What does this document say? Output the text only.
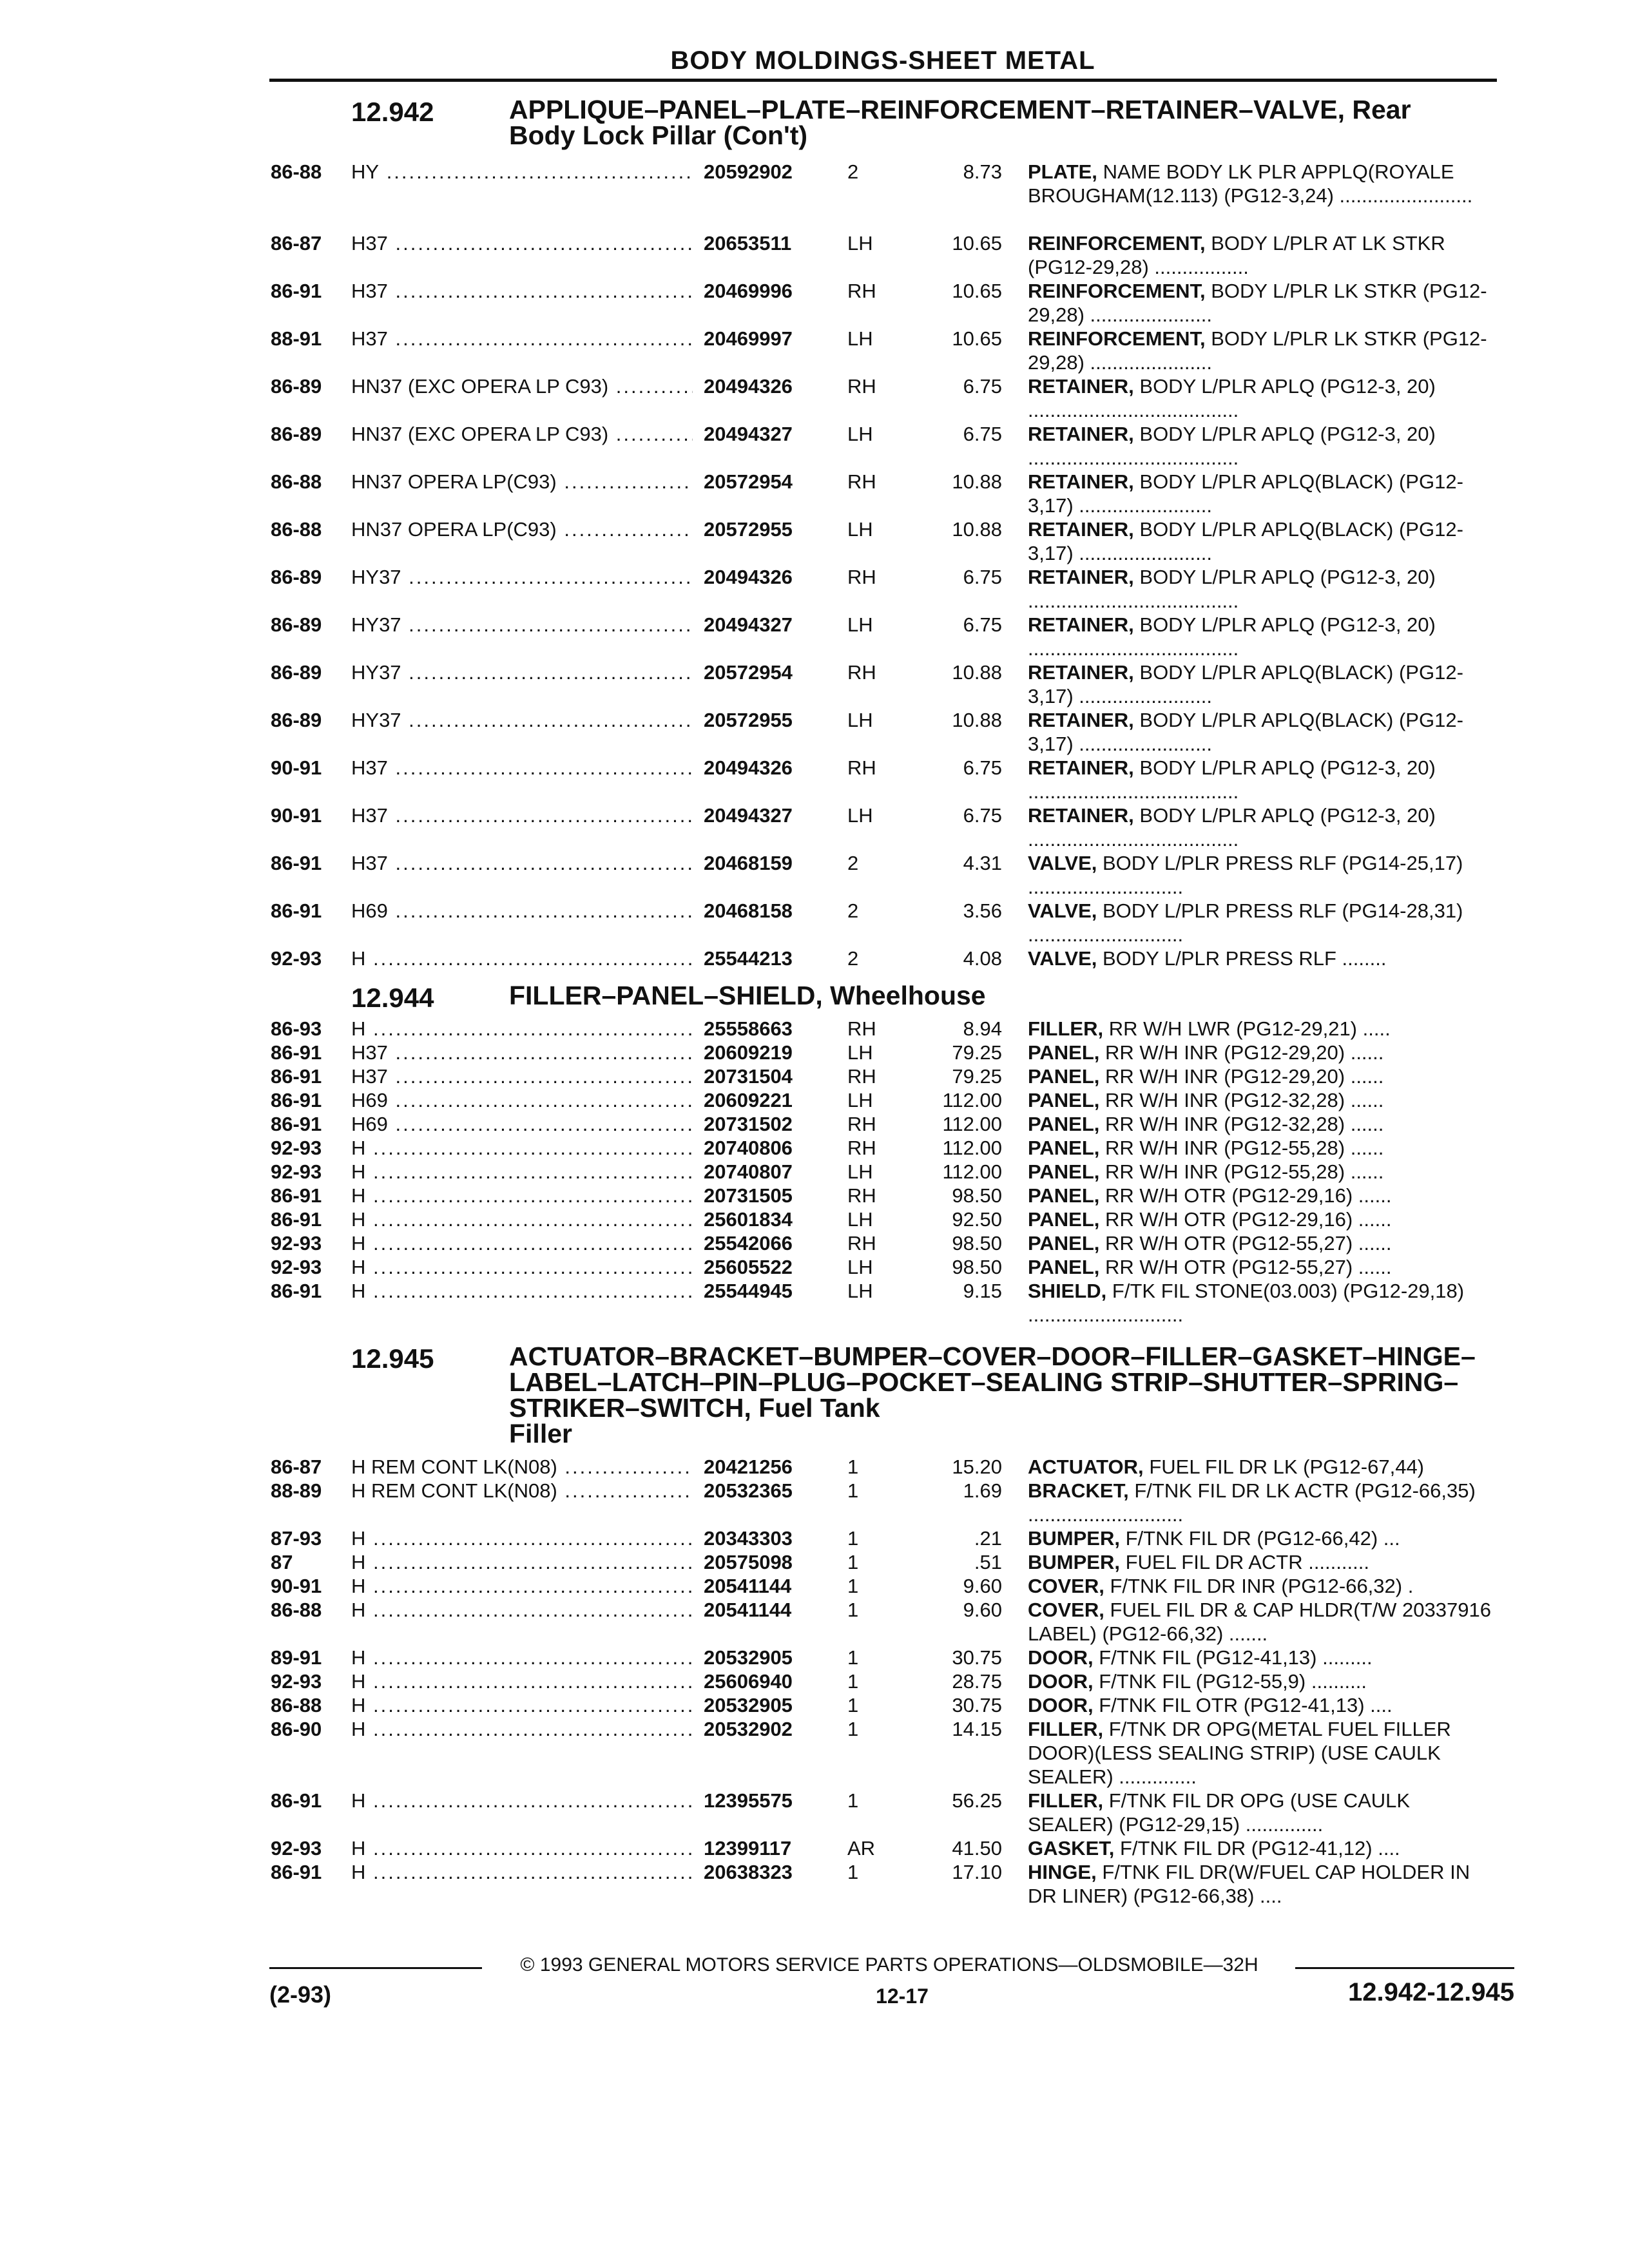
BODY MOLDINGS-SHEET METAL
12.942	APPLIQUE–PANEL–PLATE–REINFORCEMENT–RETAINER–VALVE, Rear
Body Lock Pillar (Con't)
86-88	HY .....	20592902	2	8.73 PLATE, NAME BODY LK PLR APPLQ(ROYALE BROUGHAM(12.113) (PG12-3,24) ........................
86-87	H37 .....	20653511	LH	10.65 REINFORCEMENT, BODY L/PLR AT LK STKR (PG12-29,28) .................
86-91	H37 .....	20469996	RH	10.65 REINFORCEMENT, BODY L/PLR LK STKR (PG12-29,28) ......................
88-91	H37 .....	20469997	LH	10.65 REINFORCEMENT, BODY L/PLR LK STKR (PG12-29,28) ......................
86-89	HN37 (EXC OPERA LP C93) .....	20494326	RH	6.75 RETAINER, BODY L/PLR APLQ (PG12-3, 20) ......................................
86-89	HN37 (EXC OPERA LP C93) .....	20494327	LH	6.75 RETAINER, BODY L/PLR APLQ (PG12-3, 20) ......................................
86-88	HN37 OPERA LP(C93) .....	20572954	RH	10.88 RETAINER, BODY L/PLR APLQ(BLACK) (PG12-3,17) ........................
86-88	HN37 OPERA LP(C93) .....	20572955	LH	10.88 RETAINER, BODY L/PLR APLQ(BLACK) (PG12-3,17) ........................
86-89	HY37 .....	20494326	RH	6.75 RETAINER, BODY L/PLR APLQ (PG12-3, 20) ......................................
86-89	HY37 .....	20494327	LH	6.75 RETAINER, BODY L/PLR APLQ (PG12-3, 20) ......................................
86-89	HY37 .....	20572954	RH	10.88 RETAINER, BODY L/PLR APLQ(BLACK) (PG12-3,17) ........................
86-89	HY37 .....	20572955	LH	10.88 RETAINER, BODY L/PLR APLQ(BLACK) (PG12-3,17) ........................
90-91	H37 .....	20494326	RH	6.75 RETAINER, BODY L/PLR APLQ (PG12-3, 20) ......................................
90-91	H37 .....	20494327	LH	6.75 RETAINER, BODY L/PLR APLQ (PG12-3, 20) ......................................
86-91	H37 .....	20468159	2	4.31 VALVE, BODY L/PLR PRESS RLF (PG14-25,17) ............................
86-91	H69 .....	20468158	2	3.56 VALVE, BODY L/PLR PRESS RLF (PG14-28,31) ............................
92-93	H .....	25544213	2	4.08 VALVE, BODY L/PLR PRESS RLF ........
12.944	FILLER–PANEL–SHIELD, Wheelhouse
86-93	H .....	25558663	RH	8.94 FILLER, RR W/H LWR (PG12-29,21) .....
86-91	H37 .....	20609219	LH	79.25 PANEL, RR W/H INR (PG12-29,20) ......
86-91	H37 .....	20731504	RH	79.25 PANEL, RR W/H INR (PG12-29,20) ......
86-91	H69 .....	20609221	LH	112.00 PANEL, RR W/H INR (PG12-32,28) ......
86-91	H69 .....	20731502	RH	112.00 PANEL, RR W/H INR (PG12-32,28) ......
92-93	H .....	20740806	RH	112.00 PANEL, RR W/H INR (PG12-55,28) ......
92-93	H .....	20740807	LH	112.00 PANEL, RR W/H INR (PG12-55,28) ......
86-91	H .....	20731505	RH	98.50 PANEL, RR W/H OTR (PG12-29,16) ......
86-91	H .....	25601834	LH	92.50 PANEL, RR W/H OTR (PG12-29,16) ......
92-93	H .....	25542066	RH	98.50 PANEL, RR W/H OTR (PG12-55,27) ......
92-93	H .....	25605522	LH	98.50 PANEL, RR W/H OTR (PG12-55,27) ......
86-91	H .....	25544945	LH	9.15 SHIELD, F/TK FIL STONE(03.003) (PG12-29,18) ............................
12.945	ACTUATOR–BRACKET–BUMPER–COVER–DOOR–FILLER–GASKET–HINGE–LABEL–LATCH–PIN–PLUG–POCKET–SEALING STRIP–SHUTTER–SPRING–STRIKER–SWITCH, Fuel Tank
Filler
86-87	H REM CONT LK(N08) .....	20421256	1	15.20 ACTUATOR, FUEL FIL DR LK (PG12-67,44)
88-89	H REM CONT LK(N08) .....	20532365	1	1.69 BRACKET, F/TNK FIL DR LK ACTR (PG12-66,35) ............................
87-93	H .....	20343303	1	.21 BUMPER, F/TNK FIL DR (PG12-66,42) ...
87	H .....	20575098	1	.51 BUMPER, FUEL FIL DR ACTR ...........
90-91	H .....	20541144	1	9.60 COVER, F/TNK FIL DR INR (PG12-66,32) .
86-88	H .....	20541144	1	9.60 COVER, FUEL FIL DR & CAP HLDR(T/W 20337916 LABEL) (PG12-66,32) .......
89-91	H .....	20532905	1	30.75 DOOR, F/TNK FIL (PG12-41,13) .........
92-93	H .....	25606940	1	28.75 DOOR, F/TNK FIL (PG12-55,9) ..........
86-88	H .....	20532905	1	30.75 DOOR, F/TNK FIL OTR (PG12-41,13) ....
86-90	H .....	20532902	1	14.15 FILLER, F/TNK DR OPG(METAL FUEL FILLER DOOR)(LESS SEALING STRIP) (USE CAULK SEALER) ..............
86-91	H .....	12395575	1	56.25 FILLER, F/TNK FIL DR OPG (USE CAULK SEALER) (PG12-29,15) ..............
92-93	H .....	12399117	AR	41.50 GASKET, F/TNK FIL DR (PG12-41,12) ....
86-91	H .....	20638323	1	17.10 HINGE, F/TNK FIL DR(W/FUEL CAP HOLDER IN DR LINER) (PG12-66,38) ....
© 1993 GENERAL MOTORS SERVICE PARTS OPERATIONS—OLDSMOBILE—32H
(2-93)	12-17	12.942-12.945
